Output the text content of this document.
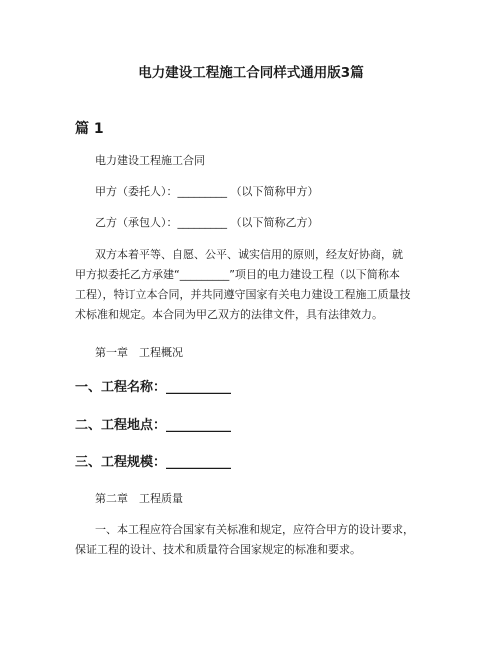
电力建设工程施工合同样式通用版3篇
篇 1
电力建设工程施工合同
甲方（委托人）：_________ （以下简称甲方）
乙方（承包人）：_________ （以下简称乙方）
双方本着平等、自愿、公平、诚实信用的原则，经友好协商，就
甲方拟委托乙方承建“_________”项目的电力建设工程（以下简称本
工程），特订立本合同，并共同遵守国家有关电力建设工程施工质量技
术标准和规定。本合同为甲乙双方的法律文件，具有法律效力。
第一章　工程概况
一、工程名称：__________
二、工程地点：__________
三、工程规模：__________
第二章　工程质量
一、本工程应符合国家有关标准和规定，应符合甲方的设计要求，
保证工程的设计、技术和质量符合国家规定的标准和要求。
